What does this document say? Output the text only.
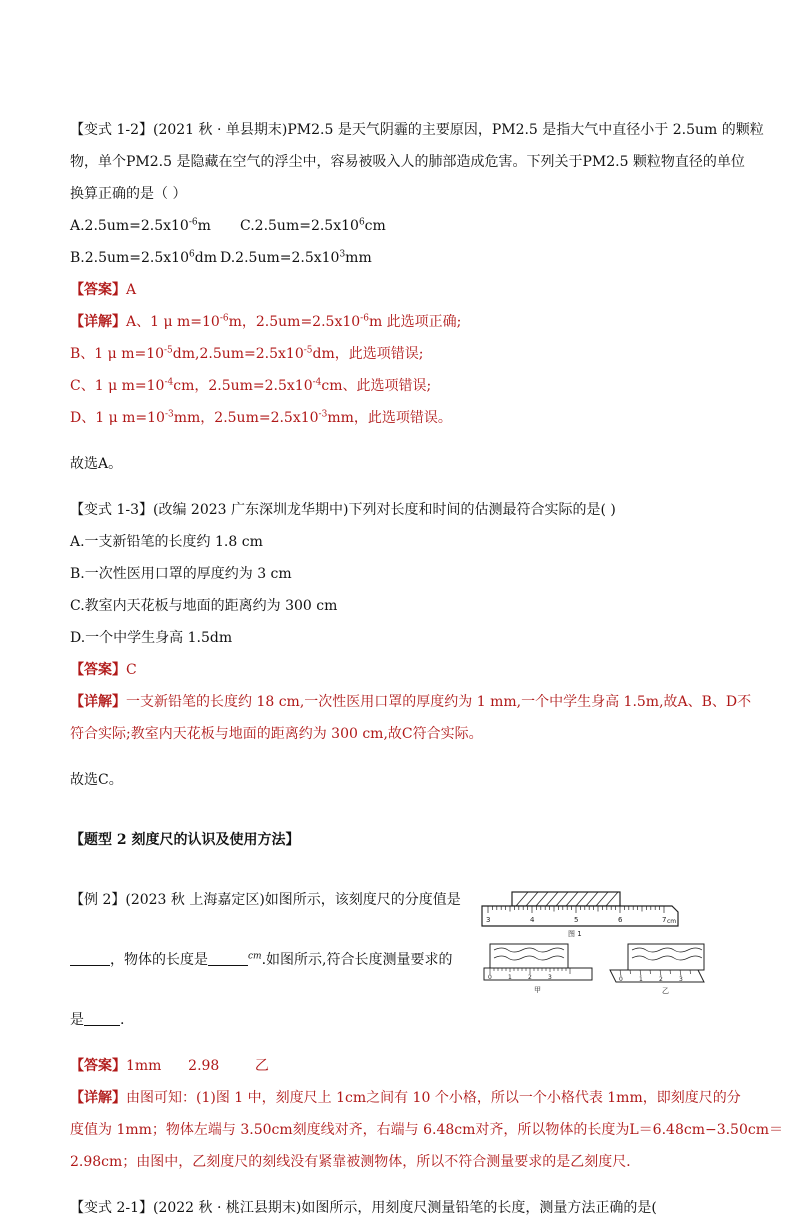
【变式 1-2】(2021 秋 · 单县期末)PM2.5 是天气阴霾的主要原因，PM2.5 是指大气中直径小于 2.5um 的颗粒

物，单个PM2.5 是隐藏在空气的浮尘中，容易被吸入人的肺部造成危害。下列关于PM2.5 颗粒物直径的单位

换算正确的是（ ）

$A.2.5um=2.5x10^{-6}m$ $C.2.5um=2.5x10^6cm$

$B.2.5um=2.5x10^6dm$ $D.2.5um=2.5x10^3mm$

【答案】A

【详解】A、1 μ $m=10^{-6}m$，$2.5um=2.5x10^{-6}m$ 此选项正确;

B、1 μ $m=10^{-5}dm,2.5um=2.5x10^{-5}dm$，此选项错误;

C、1 μ $m=10^{-4}cm$，$2.5um=2.5x10^{-4}cm$、此选项错误;

D、1 μ $m=10^{-3}mm$，$2.5um=2.5x10^{-3}mm$，此选项错误。

故选A。

【变式 1-3】(改编 2023 广东深圳龙华期中)下列对长度和时间的估测最符合实际的是( )

A.一支新铅笔的长度约 1.8 cm

B.一次性医用口罩的厚度约为 3 cm

C.教室内天花板与地面的距离约为 300 cm

D.一个中学生身高 1.5dm

【答案】C

【详解】一支新铅笔的长度约 18 cm,一次性医用口罩的厚度约为 1 mm,一个中学生身高 1.5m,故A、B、D不

符合实际;教室内天花板与地面的距离约为 300 cm,故C符合实际。

故选C。

【题型 2 刻度尺的认识及使用方法】

【例 2】(2023 秋 上海嘉定区)如图所示，该刻度尺的分度值是

，物体的长度是	$^{cm}$.如图所示,符合长度测量要求的

是	.

3	4	5	6	7 cm
图 1
0	1	2	3
甲
0	1	2	3
乙

【答案】1mm      2.98        乙

【详解】由图可知：(1)图 1 中，刻度尺上 1cm之间有 10 个小格，所以一个小格代表 1mm，即刻度尺的分

度值为 1mm；物体左端与 3.50cm刻度线对齐，右端与 6.48cm对齐，所以物体的长度为L＝6.48cm−3.50cm＝

2.98cm；由图中，乙刻度尺的刻线没有紧靠被测物体，所以不符合测量要求的是乙刻度尺．

【变式 2-1】(2022 秋 · 桃江县期末)如图所示，用刻度尺测量铅笔的长度，测量方法正确的是(
